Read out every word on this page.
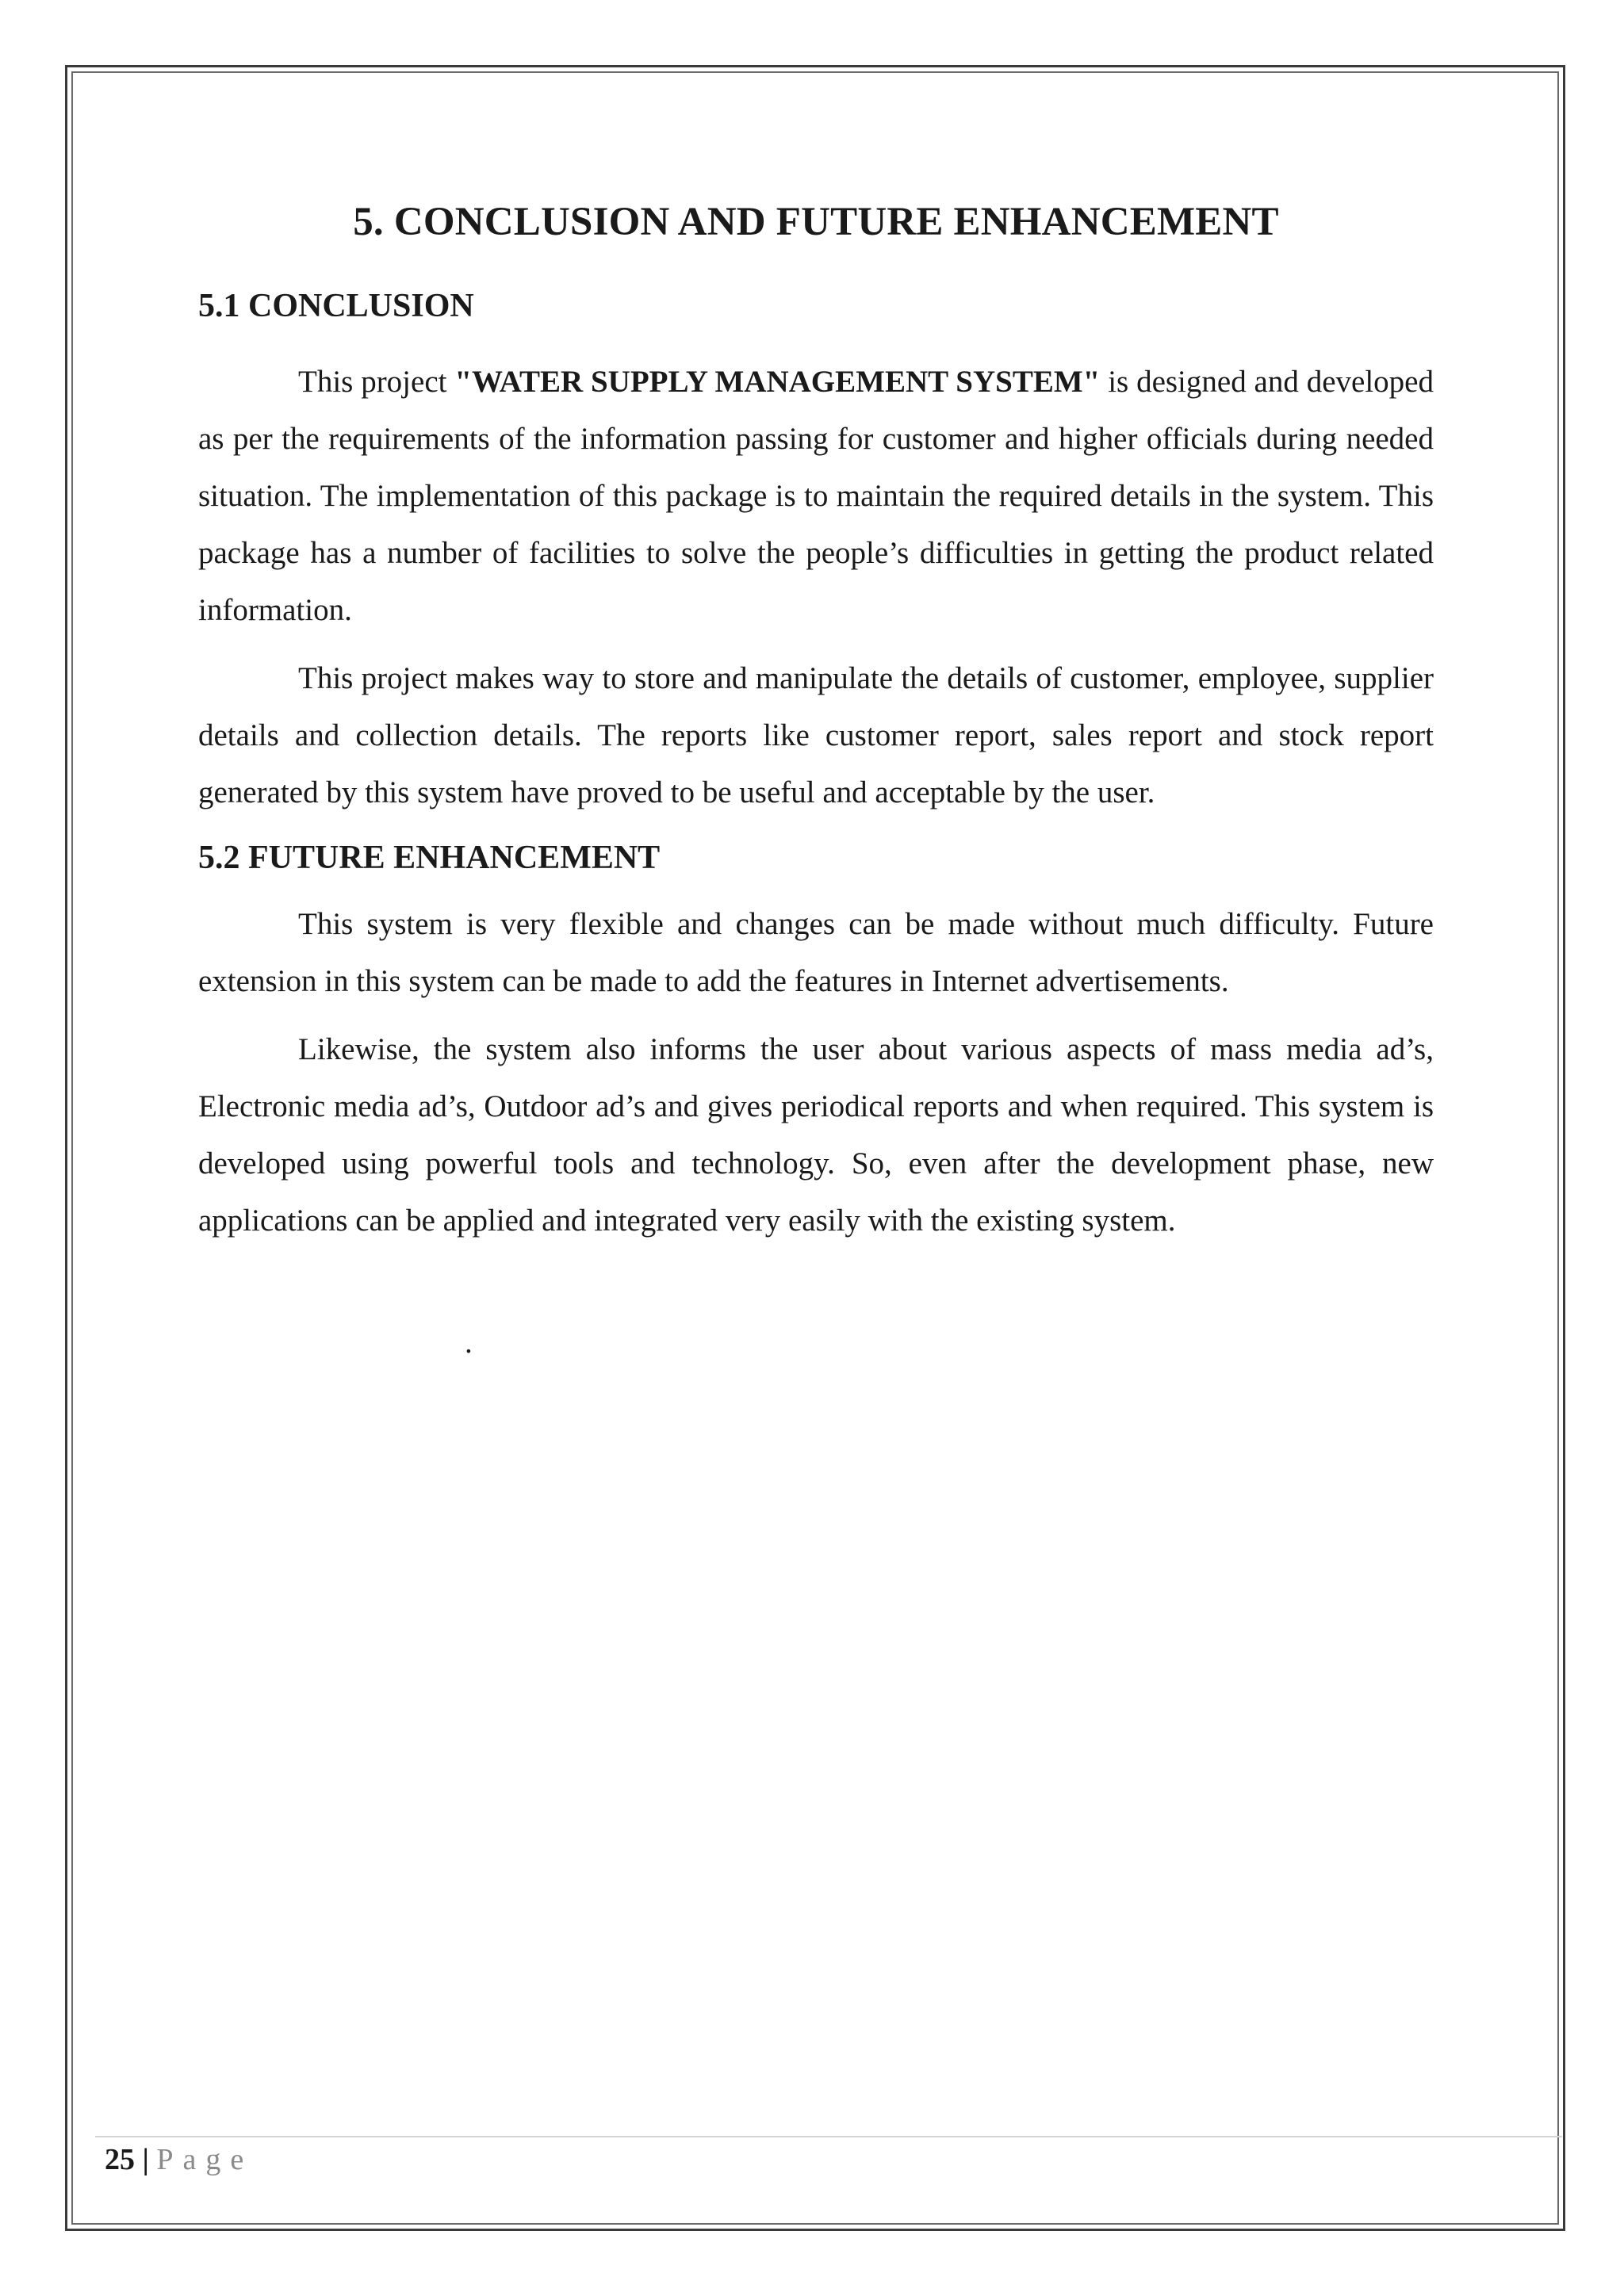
5. CONCLUSION AND FUTURE ENHANCEMENT
5.1 CONCLUSION

This project "WATER SUPPLY MANAGEMENT SYSTEM" is designed and developed as per the requirements of the information passing for customer and higher officials during needed situation. The implementation of this package is to maintain the required details in the system. This package has a number of facilities to solve the people’s difficulties in getting the product related information.

This project makes way to store and manipulate the details of customer, employee, supplier details and collection details. The reports like customer report, sales report and stock report generated by this system have proved to be useful and acceptable by the user.

5.2 FUTURE ENHANCEMENT

This system is very flexible and changes can be made without much difficulty. Future extension in this system can be made to add the features in Internet advertisements.

Likewise, the system also informs the user about various aspects of mass media ad’s, Electronic media ad’s, Outdoor ad’s and gives periodical reports and when required. This system is developed using powerful tools and technology. So, even after the development phase, new applications can be applied and integrated very easily with the existing system.

.
25 | Page
